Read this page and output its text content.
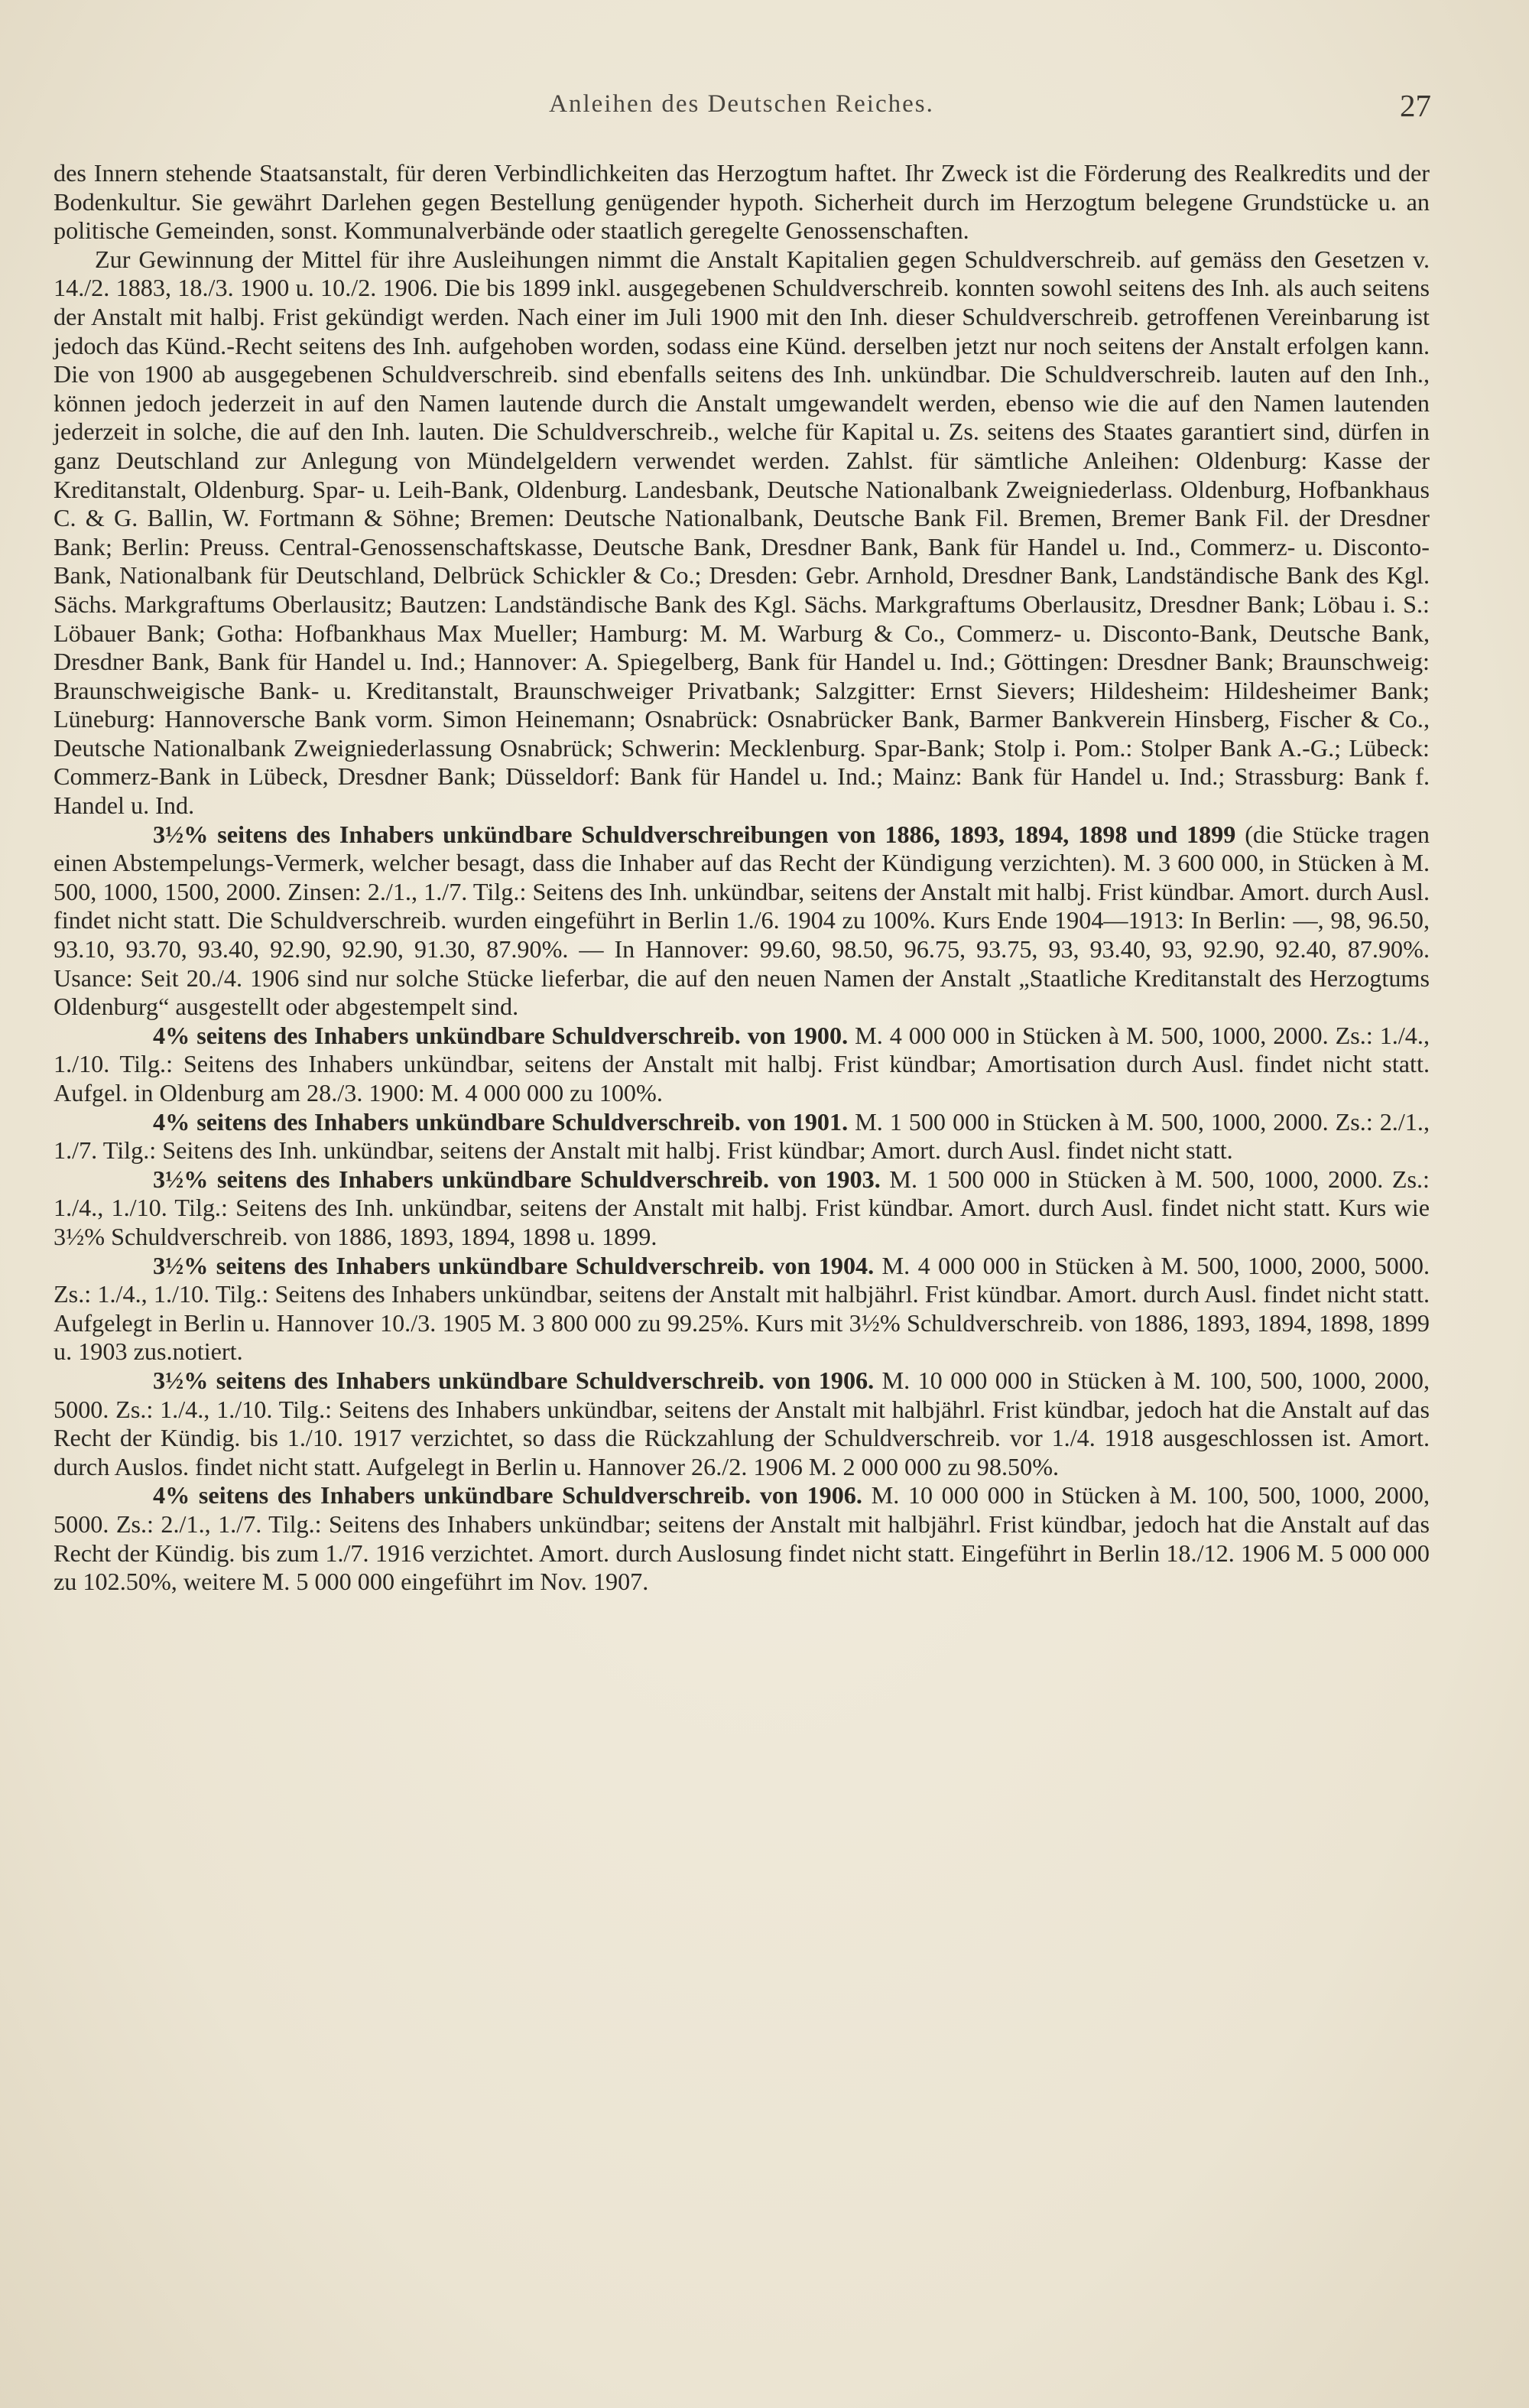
Anleihen des Deutschen Reiches.	27

des Innern stehende Staatsanstalt, für deren Verbindlichkeiten das Herzogtum haftet. Ihr Zweck ist die Förderung des Realkredits und der Bodenkultur. Sie gewährt Darlehen gegen Bestellung genügender hypoth. Sicherheit durch im Herzogtum belegene Grundstücke u. an politische Gemeinden, sonst. Kommunalverbände oder staatlich geregelte Genossenschaften.

Zur Gewinnung der Mittel für ihre Ausleihungen nimmt die Anstalt Kapitalien gegen Schuldverschreib. auf gemäss den Gesetzen v. 14./2. 1883, 18./3. 1900 u. 10./2. 1906. Die bis 1899 inkl. ausgegebenen Schuldverschreib. konnten sowohl seitens des Inh. als auch seitens der Anstalt mit halbj. Frist gekündigt werden. Nach einer im Juli 1900 mit den Inh. dieser Schuldverschreib. getroffenen Vereinbarung ist jedoch das Künd.-Recht seitens des Inh. aufgehoben worden, sodass eine Künd. derselben jetzt nur noch seitens der Anstalt erfolgen kann. Die von 1900 ab ausgegebenen Schuldverschreib. sind ebenfalls seitens des Inh. unkündbar. Die Schuldverschreib. lauten auf den Inh., können jedoch jederzeit in auf den Namen lautende durch die Anstalt umgewandelt werden, ebenso wie die auf den Namen lautenden jederzeit in solche, die auf den Inh. lauten. Die Schuldverschreib., welche für Kapital u. Zs. seitens des Staates garantiert sind, dürfen in ganz Deutschland zur Anlegung von Mündelgeldern verwendet werden. Zahlst. für sämtliche Anleihen: Oldenburg: Kasse der Kreditanstalt, Oldenburg. Spar- u. Leih-Bank, Oldenburg. Landesbank, Deutsche Nationalbank Zweigniederlass. Oldenburg, Hofbankhaus C. & G. Ballin, W. Fortmann & Söhne; Bremen: Deutsche Nationalbank, Deutsche Bank Fil. Bremen, Bremer Bank Fil. der Dresdner Bank; Berlin: Preuss. Central-Genossenschaftskasse, Deutsche Bank, Dresdner Bank, Bank für Handel u. Ind., Commerz- u. Disconto-Bank, Nationalbank für Deutschland, Delbrück Schickler & Co.; Dresden: Gebr. Arnhold, Dresdner Bank, Landständische Bank des Kgl. Sächs. Markgraftums Oberlausitz; Bautzen: Landständische Bank des Kgl. Sächs. Markgraftums Oberlausitz, Dresdner Bank; Löbau i. S.: Löbauer Bank; Gotha: Hofbankhaus Max Mueller; Hamburg: M. M. Warburg & Co., Commerz- u. Disconto-Bank, Deutsche Bank, Dresdner Bank, Bank für Handel u. Ind.; Hannover: A. Spiegelberg, Bank für Handel u. Ind.; Göttingen: Dresdner Bank; Braunschweig: Braunschweigische Bank- u. Kreditanstalt, Braunschweiger Privatbank; Salzgitter: Ernst Sievers; Hildesheim: Hildesheimer Bank; Lüneburg: Hannoversche Bank vorm. Simon Heinemann; Osnabrück: Osnabrücker Bank, Barmer Bankverein Hinsberg, Fischer & Co., Deutsche Nationalbank Zweigniederlassung Osnabrück; Schwerin: Mecklenburg. Spar-Bank; Stolp i. Pom.: Stolper Bank A.-G.; Lübeck: Commerz-Bank in Lübeck, Dresdner Bank; Düsseldorf: Bank für Handel u. Ind.; Mainz: Bank für Handel u. Ind.; Strassburg: Bank f. Handel u. Ind.

3½% seitens des Inhabers unkündbare Schuldverschreibungen von 1886, 1893, 1894, 1898 und 1899 (die Stücke tragen einen Abstempelungs-Vermerk, welcher besagt, dass die Inhaber auf das Recht der Kündigung verzichten). M. 3 600 000, in Stücken à M. 500, 1000, 1500, 2000. Zinsen: 2./1., 1./7. Tilg.: Seitens des Inh. unkündbar, seitens der Anstalt mit halbj. Frist kündbar. Amort. durch Ausl. findet nicht statt. Die Schuldverschreib. wurden eingeführt in Berlin 1./6. 1904 zu 100%. Kurs Ende 1904—1913: In Berlin: —, 98, 96.50, 93.10, 93.70, 93.40, 92.90, 92.90, 91.30, 87.90%. — In Hannover: 99.60, 98.50, 96.75, 93.75, 93, 93.40, 93, 92.90, 92.40, 87.90%. Usance: Seit 20./4. 1906 sind nur solche Stücke lieferbar, die auf den neuen Namen der Anstalt „Staatliche Kreditanstalt des Herzogtums Oldenburg“ ausgestellt oder abgestempelt sind.

4% seitens des Inhabers unkündbare Schuldverschreib. von 1900. M. 4 000 000 in Stücken à M. 500, 1000, 2000. Zs.: 1./4., 1./10. Tilg.: Seitens des Inhabers unkündbar, seitens der Anstalt mit halbj. Frist kündbar; Amortisation durch Ausl. findet nicht statt. Aufgel. in Oldenburg am 28./3. 1900: M. 4 000 000 zu 100%.

4% seitens des Inhabers unkündbare Schuldverschreib. von 1901. M. 1 500 000 in Stücken à M. 500, 1000, 2000. Zs.: 2./1., 1./7. Tilg.: Seitens des Inh. unkündbar, seitens der Anstalt mit halbj. Frist kündbar; Amort. durch Ausl. findet nicht statt.

3½% seitens des Inhabers unkündbare Schuldverschreib. von 1903. M. 1 500 000 in Stücken à M. 500, 1000, 2000. Zs.: 1./4., 1./10. Tilg.: Seitens des Inh. unkündbar, seitens der Anstalt mit halbj. Frist kündbar. Amort. durch Ausl. findet nicht statt. Kurs wie 3½% Schuldverschreib. von 1886, 1893, 1894, 1898 u. 1899.

3½% seitens des Inhabers unkündbare Schuldverschreib. von 1904. M. 4 000 000 in Stücken à M. 500, 1000, 2000, 5000. Zs.: 1./4., 1./10. Tilg.: Seitens des Inhabers unkündbar, seitens der Anstalt mit halbjährl. Frist kündbar. Amort. durch Ausl. findet nicht statt. Aufgelegt in Berlin u. Hannover 10./3. 1905 M. 3 800 000 zu 99.25%. Kurs mit 3½% Schuldverschreib. von 1886, 1893, 1894, 1898, 1899 u. 1903 zus.notiert.

3½% seitens des Inhabers unkündbare Schuldverschreib. von 1906. M. 10 000 000 in Stücken à M. 100, 500, 1000, 2000, 5000. Zs.: 1./4., 1./10. Tilg.: Seitens des Inhabers unkündbar, seitens der Anstalt mit halbjährl. Frist kündbar, jedoch hat die Anstalt auf das Recht der Kündig. bis 1./10. 1917 verzichtet, so dass die Rückzahlung der Schuldverschreib. vor 1./4. 1918 ausgeschlossen ist. Amort. durch Auslos. findet nicht statt. Aufgelegt in Berlin u. Hannover 26./2. 1906 M. 2 000 000 zu 98.50%.

4% seitens des Inhabers unkündbare Schuldverschreib. von 1906. M. 10 000 000 in Stücken à M. 100, 500, 1000, 2000, 5000. Zs.: 2./1., 1./7. Tilg.: Seitens des Inhabers unkündbar; seitens der Anstalt mit halbjährl. Frist kündbar, jedoch hat die Anstalt auf das Recht der Kündig. bis zum 1./7. 1916 verzichtet. Amort. durch Auslosung findet nicht statt. Eingeführt in Berlin 18./12. 1906 M. 5 000 000 zu 102.50%, weitere M. 5 000 000 eingeführt im Nov. 1907.
